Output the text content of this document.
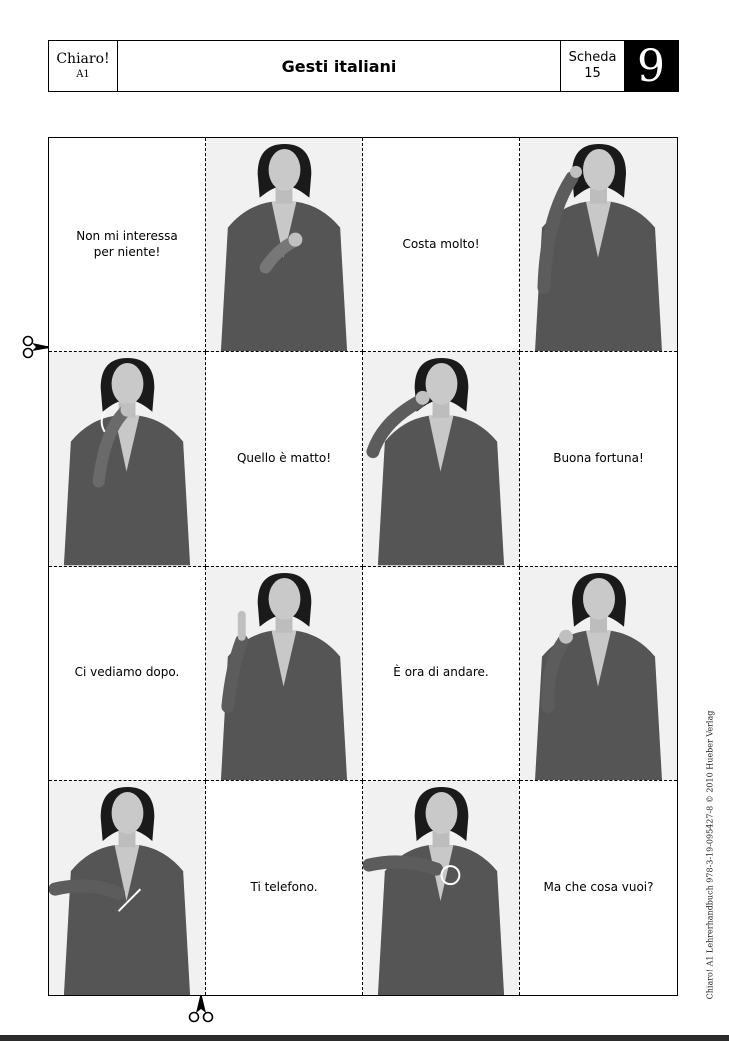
Chiaro!
A1	Gesti italiani	Scheda
15 9
Non mi interessa per niente!
Costa molto!
Quello è matto!	Buona fortuna!
Ci vediamo dopo.	È ora di andare.
Ti telefono.	Ma che cosa vuoi?	Chiaro! A1 Lehrerhandbuch 978-3-19-095427-8 © 2010 Hueber Verlag
